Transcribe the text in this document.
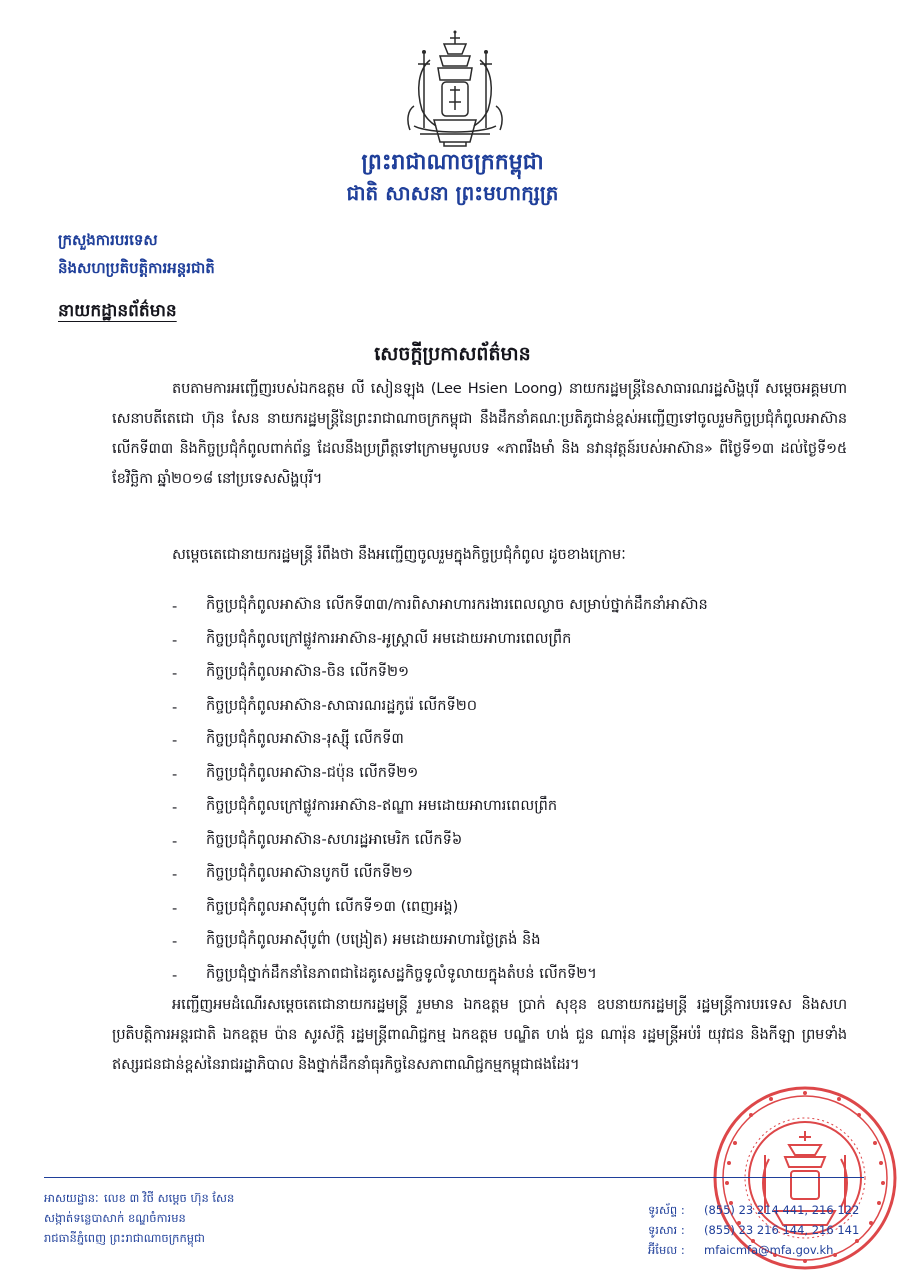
ព្រះរាជាណាចក្រកម្ពុជា
ជាតិ សាសនា ព្រះមហាក្សត្រ
ក្រសួងការបរទេស
និងសហប្រតិបត្តិការអន្តរជាតិ
នាយកដ្ឋានព័ត៌មាន
សេចក្តីប្រកាសព័ត៌មាន
តបតាមការអញ្ជើញរបស់ឯកឧត្តម លី សៀនឡុង (Lee Hsien Loong) នាយករដ្ឋមន្ត្រីនៃសាធារណរដ្ឋសិង្ហបុរី សម្តេចអគ្គមហាសេនាបតីតេជោ ហ៊ុន សែន នាយករដ្ឋមន្ត្រីនៃព្រះរាជាណាចក្រកម្ពុជា នឹងដឹកនាំគណៈប្រតិភូជាន់ខ្ពស់អញ្ជើញទៅចូលរួមកិច្ចប្រជុំកំពូលអាស៊ានលើកទី៣៣ និងកិច្ចប្រជុំកំពូលពាក់ព័ន្ធ ដែលនឹងប្រព្រឹត្តទៅក្រោមមូលបទ «ភាពរឹងមាំ និង នវានុវត្តន៍របស់អាស៊ាន» ពីថ្ងៃទី១៣ ដល់ថ្ងៃទី១៥ ខែវិច្ឆិកា ឆ្នាំ២០១៨ នៅប្រទេសសិង្ហបុរី។
សម្តេចតេជោនាយករដ្ឋមន្ត្រី រំពឹងថា នឹងអញ្ជើញចូលរួមក្នុងកិច្ចប្រជុំកំពូល ដូចខាងក្រោមៈ
-	កិច្ចប្រជុំកំពូលអាស៊ាន លើកទី៣៣/ការពិសាអាហារករងារពេលល្ងាច សម្រាប់ថ្នាក់ដឹកនាំអាស៊ាន
-	កិច្ចប្រជុំកំពូលក្រៅផ្លូវការអាស៊ាន-អូស្ត្រាលី អមដោយអាហារពេលព្រឹក
-	កិច្ចប្រជុំកំពូលអាស៊ាន-ចិន លើកទី២១
-	កិច្ចប្រជុំកំពូលអាស៊ាន-សាធារណរដ្ឋកូរ៉េ លើកទី២០
-	កិច្ចប្រជុំកំពូលអាស៊ាន-រុស្ស៊ី លើកទី៣
-	កិច្ចប្រជុំកំពូលអាស៊ាន-ជប៉ុន លើកទី២១
-	កិច្ចប្រជុំកំពូលក្រៅផ្លូវការអាស៊ាន-ឥណ្ឌា អមដោយអាហារពេលព្រឹក
-	កិច្ចប្រជុំកំពូលអាស៊ាន-សហរដ្ឋអាមេរិក លើកទី៦
-	កិច្ចប្រជុំកំពូលអាស៊ានបូកបី លើកទី២១
-	កិច្ចប្រជុំកំពូលអាស៊ីបូព៌ា លើកទី១៣ (ពេញអង្គ)
-	កិច្ចប្រជុំកំពូលអាស៊ីបូព៌ា (បង្រៀត) អមដោយអាហារថ្ងៃត្រង់ និង
-	កិច្ចប្រជុំថ្នាក់ដឹកនាំនៃភាពជាដៃគូសេដ្ឋកិច្ចទូលំទូលាយក្នុងតំបន់ លើកទី២។
អញ្ជើញអមដំណើរសម្តេចតេជោនាយករដ្ឋមន្ត្រី រួមមាន ឯកឧត្តម ប្រាក់ សុខុន ឧបនាយករដ្ឋមន្ត្រី រដ្ឋមន្ត្រីការបរទេស និងសហប្រតិបត្តិការអន្តរជាតិ ឯកឧត្តម ប៉ាន សូរស័ក្តិ រដ្ឋមន្ត្រីពាណិជ្ជកម្ម ឯកឧត្តម បណ្ឌិត ហង់ ជួន ណារ៉ុន រដ្ឋមន្ត្រីអប់រំ យុវជន និងកីឡា ព្រមទាំងឥស្សរជនជាន់ខ្ពស់នៃរាជរដ្ឋាភិបាល និងថ្នាក់ដឹកនាំធុរកិច្ចនៃសភាពាណិជ្ជកម្មកម្ពុជាផងដែរ។
អាសយដ្ឋានៈ លេខ ៣ វិថី សម្តេច ហ៊ុន សែន
សង្កាត់ទន្លេបាសាក់ ខណ្ឌចំការមន
រាជធានីភ្នំពេញ ព្រះរាជាណាចក្រកម្ពុជា
ទូរស័ព្ទ : (855) 23 214 441, 216 122
ទូរសារ : (855) 23 216 144, 216 141
អ៊ីមែល : mfaicmfa@mfa.gov.kh
